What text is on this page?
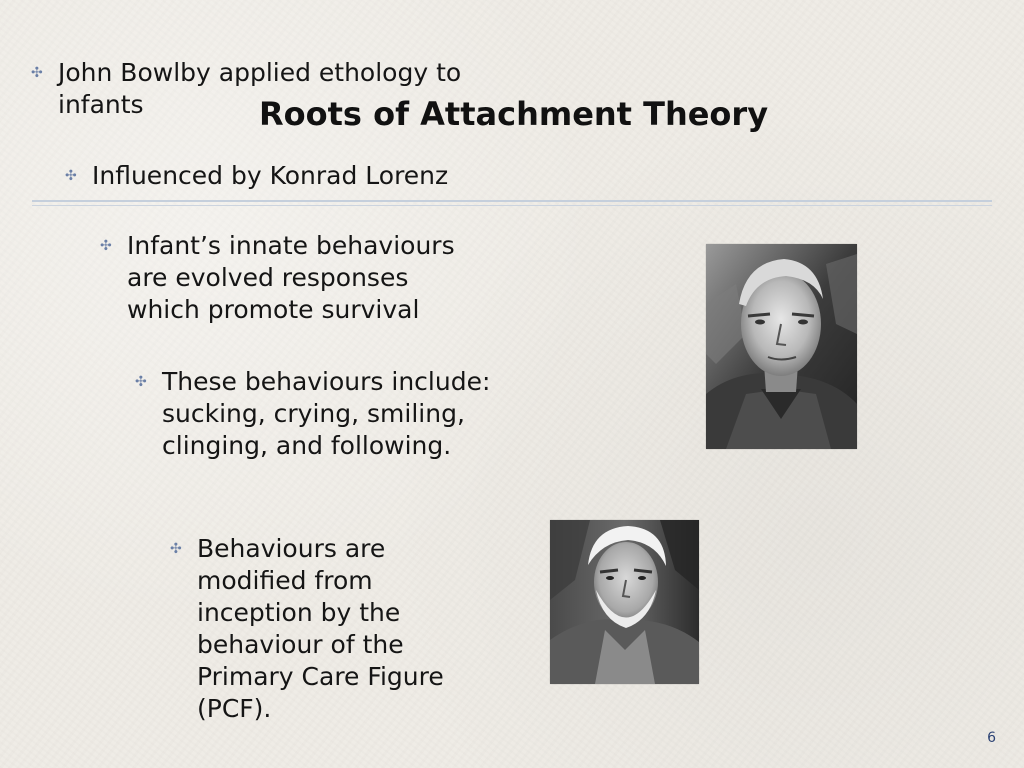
✣ John Bowlby applied ethology to infants	Roots of Attachment Theory

✣ Influenced by Konrad Lorenz

✣ Infant’s innate behaviours are evolved responses which promote survival

✣ These behaviours include: sucking, crying, smiling, clinging, and following.

✣ Behaviours are modified from inception by the behaviour of the Primary Care Figure (PCF).

6
